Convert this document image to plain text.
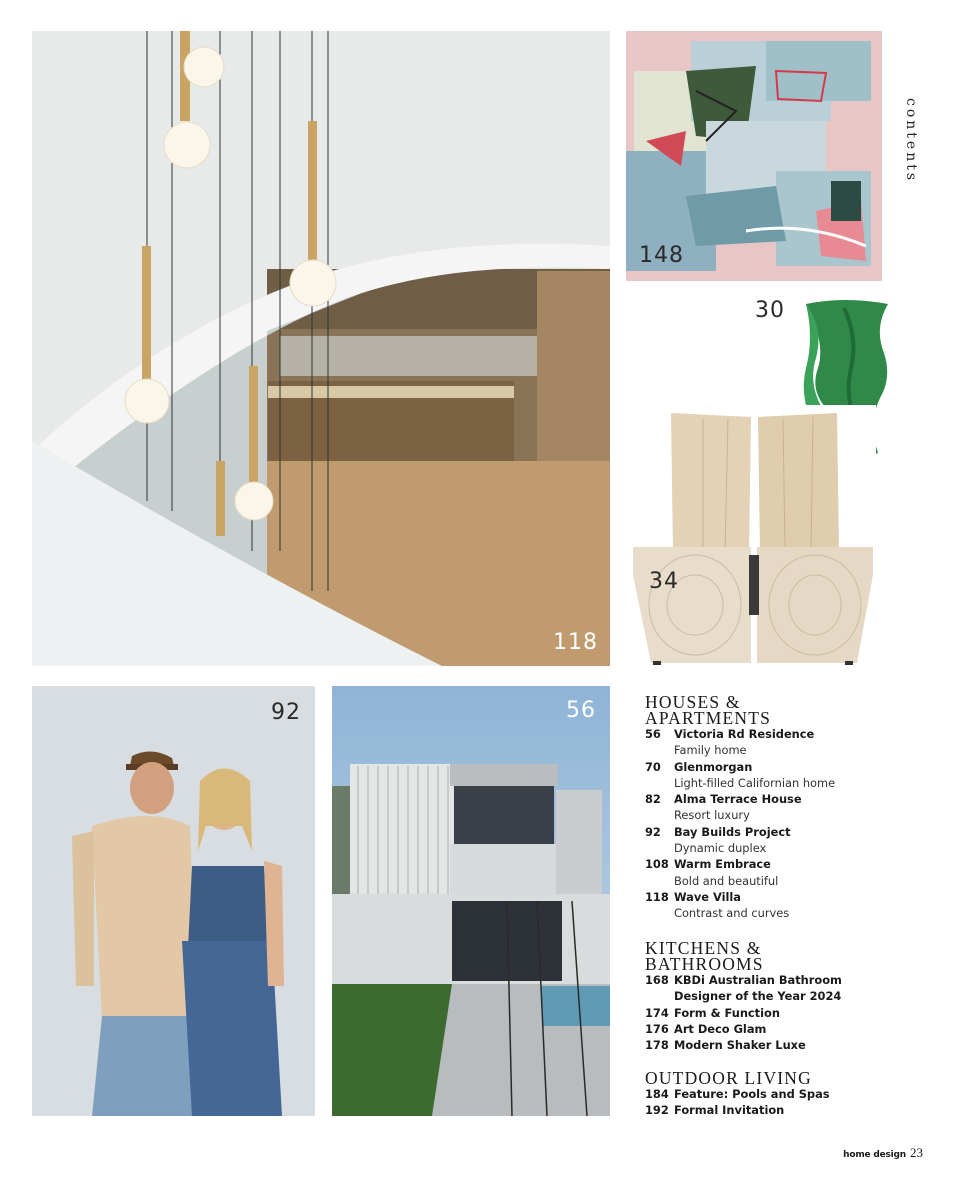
118
148
contents
30
34
92	56	HOUSES &
APARTMENTS
56	Victoria Rd Residence
Family home
70	Glenmorgan
Light-filled Californian home
82	Alma Terrace House
Resort luxury
92	Bay Builds Project
Dynamic duplex
108 Warm Embrace
Bold and beautiful
118 Wave Villa
Contrast and curves
KITCHENS &
BATHROOMS
168 KBDi Australian Bathroom
Designer of the Year 2024
174 Form & Function
176 Art Deco Glam
178 Modern Shaker Luxe
OUTDOOR LIVING
184 Feature: Pools and Spas
192 Formal Invitation
home design 23
